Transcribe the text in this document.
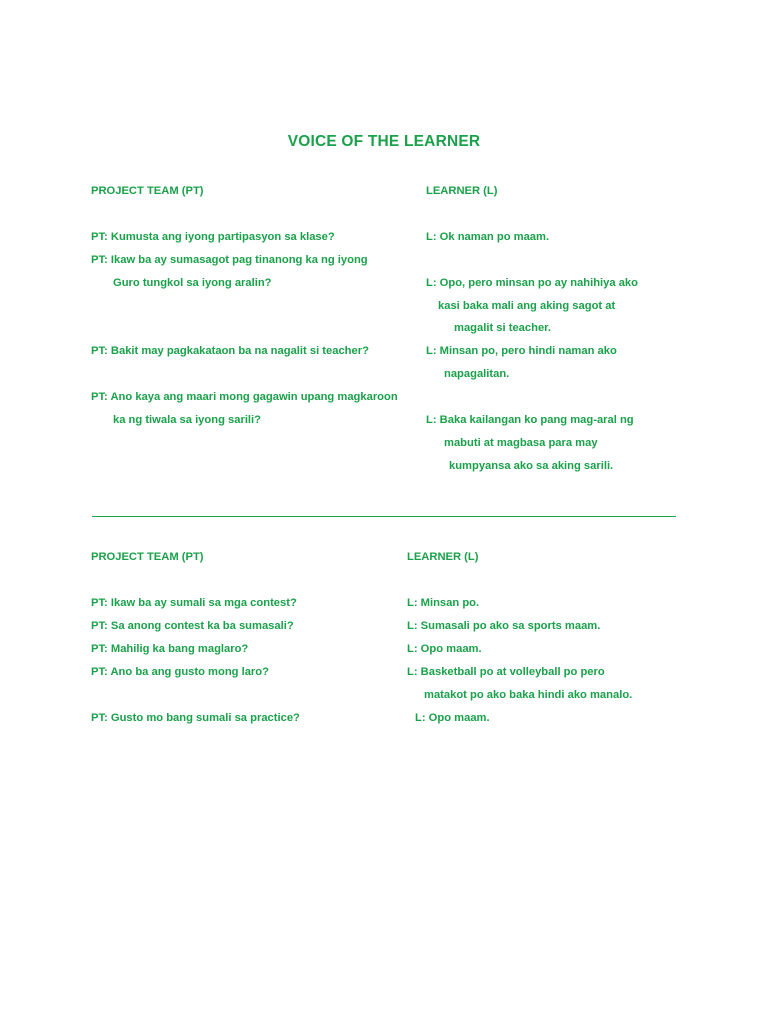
VOICE OF THE LEARNER
PROJECT TEAM (PT)	LEARNER (L)
PT: Kumusta ang iyong partipasyon sa klase?	L: Ok naman po maam.
PT: Ikaw ba ay sumasagot pag tinanong ka ng iyong
Guro tungkol sa iyong aralin?	L: Opo, pero minsan po ay nahihiya ako
kasi baka mali ang aking sagot at
magalit si teacher.
PT: Bakit may pagkakataon ba na nagalit si teacher?	L: Minsan po, pero hindi naman ako
napagalitan.
PT: Ano kaya ang maari mong gagawin upang magkaroon
ka ng tiwala sa iyong sarili?	L: Baka kailangan ko pang mag-aral ng
mabuti at magbasa para may
kumpyansa ako sa aking sarili.
PROJECT TEAM (PT)	LEARNER (L)
PT: Ikaw ba ay sumali sa mga contest?	L: Minsan po.
PT: Sa anong contest ka ba sumasali?	L: Sumasali po ako sa sports maam.
PT: Mahilig ka bang maglaro?	L: Opo maam.
PT: Ano ba ang gusto mong laro?	L: Basketball po at volleyball po pero
matakot po ako baka hindi ako manalo.
PT: Gusto mo bang sumali sa practice?	L: Opo maam.
